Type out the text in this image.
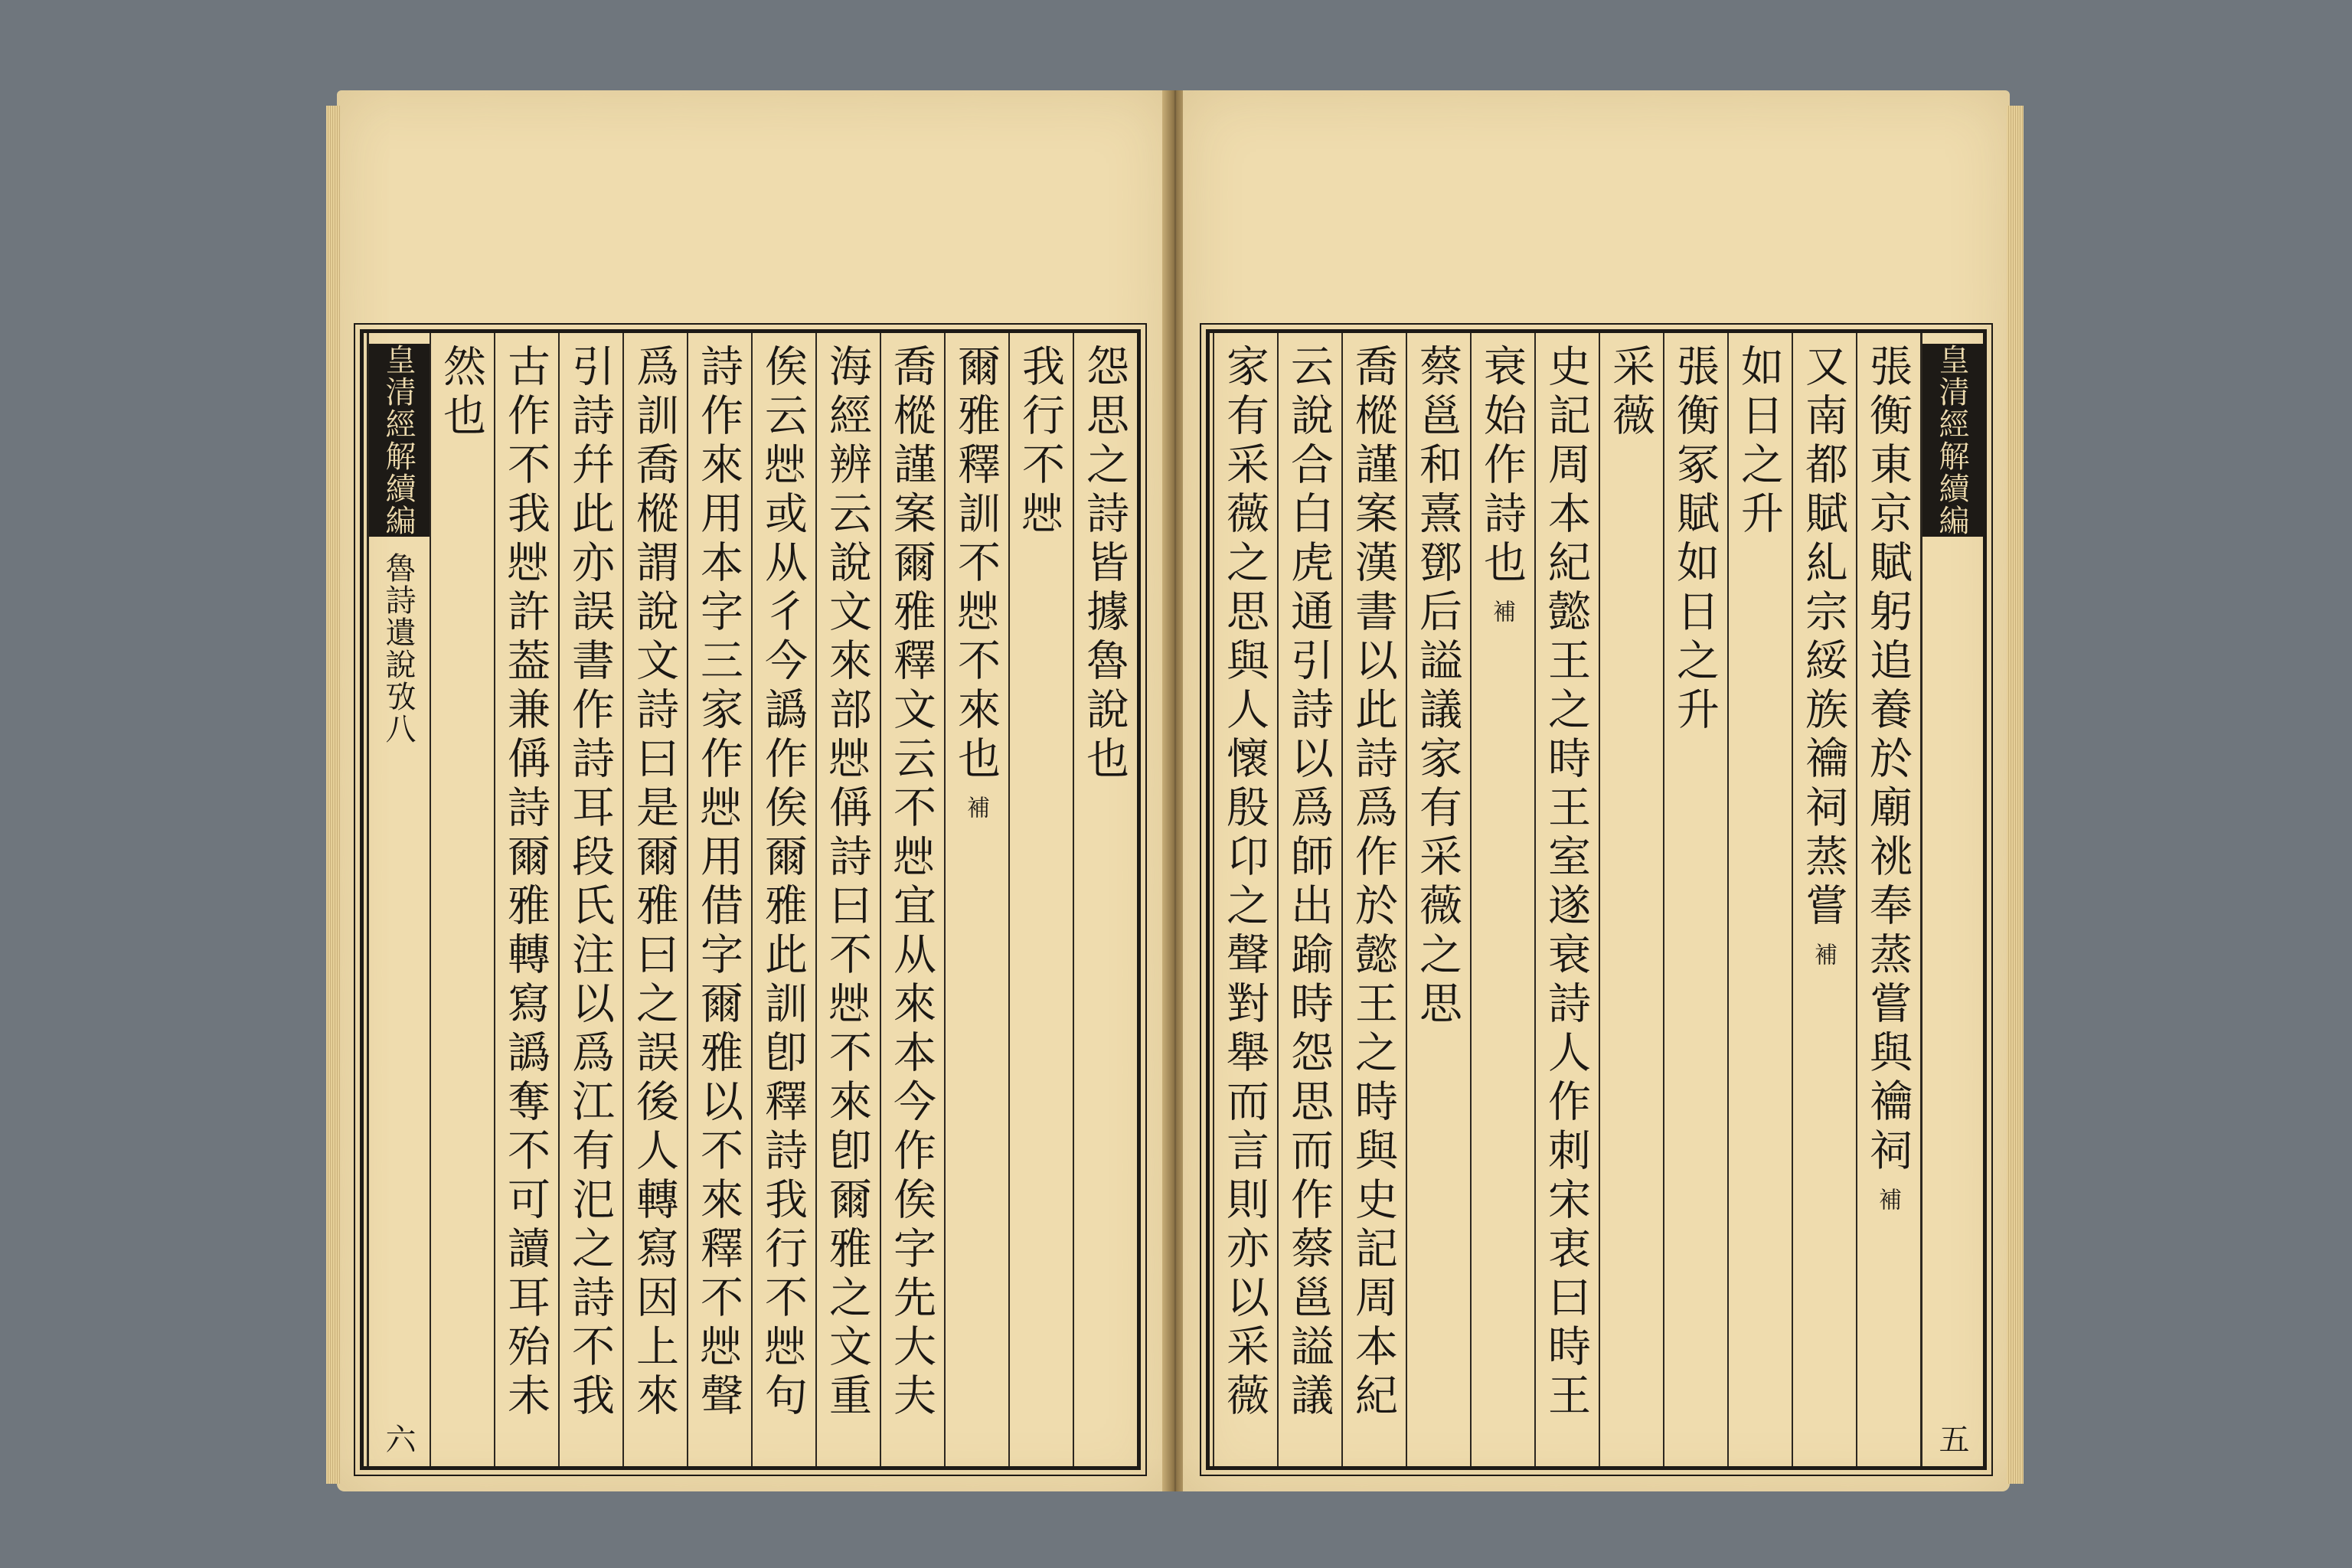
怨思之詩皆據魯說也
我行不𢘿
爾雅釋訓不𢘿不來也補
喬樅謹案爾雅釋文云不𢘿宜从來本今作俟字先大夫
海經辨云說文來部𢘿偁詩曰不𢘿不來卽爾雅之文重
俟云𢘿或从彳今譌作俟爾雅此訓卽釋詩我行不𢘿句
詩作來用本字三家作𢘿用借字爾雅以不來釋不𢘿聲
爲訓喬樅謂說文詩曰是爾雅曰之誤後人轉寫因上來
引詩幷此亦誤書作詩耳段氏注以爲江有汜之詩不我
古作不我𢘿許葢兼偁詩爾雅轉寫譌奪不可讀耳殆未
然也
皇清經解續編
魯詩遺說攷八
六
皇清經解續編
五
張衡東京賦躬追養於廟祧奉蒸嘗與禴祠補
又南都賦糺宗綏族禴祠蒸嘗補
如日之升
張衡冢賦如日之升
采薇
史記周本紀懿王之時王室遂衰詩人作刺宋衷曰時王
衰始作詩也補
蔡邕和熹鄧后謚議家有采薇之思
喬樅謹案漢書以此詩爲作於懿王之時與史記周本紀
云說合白虎通引詩以爲師出踰時怨思而作蔡邕謚議
家有采薇之思與人懷殷卬之聲對舉而言則亦以采薇
